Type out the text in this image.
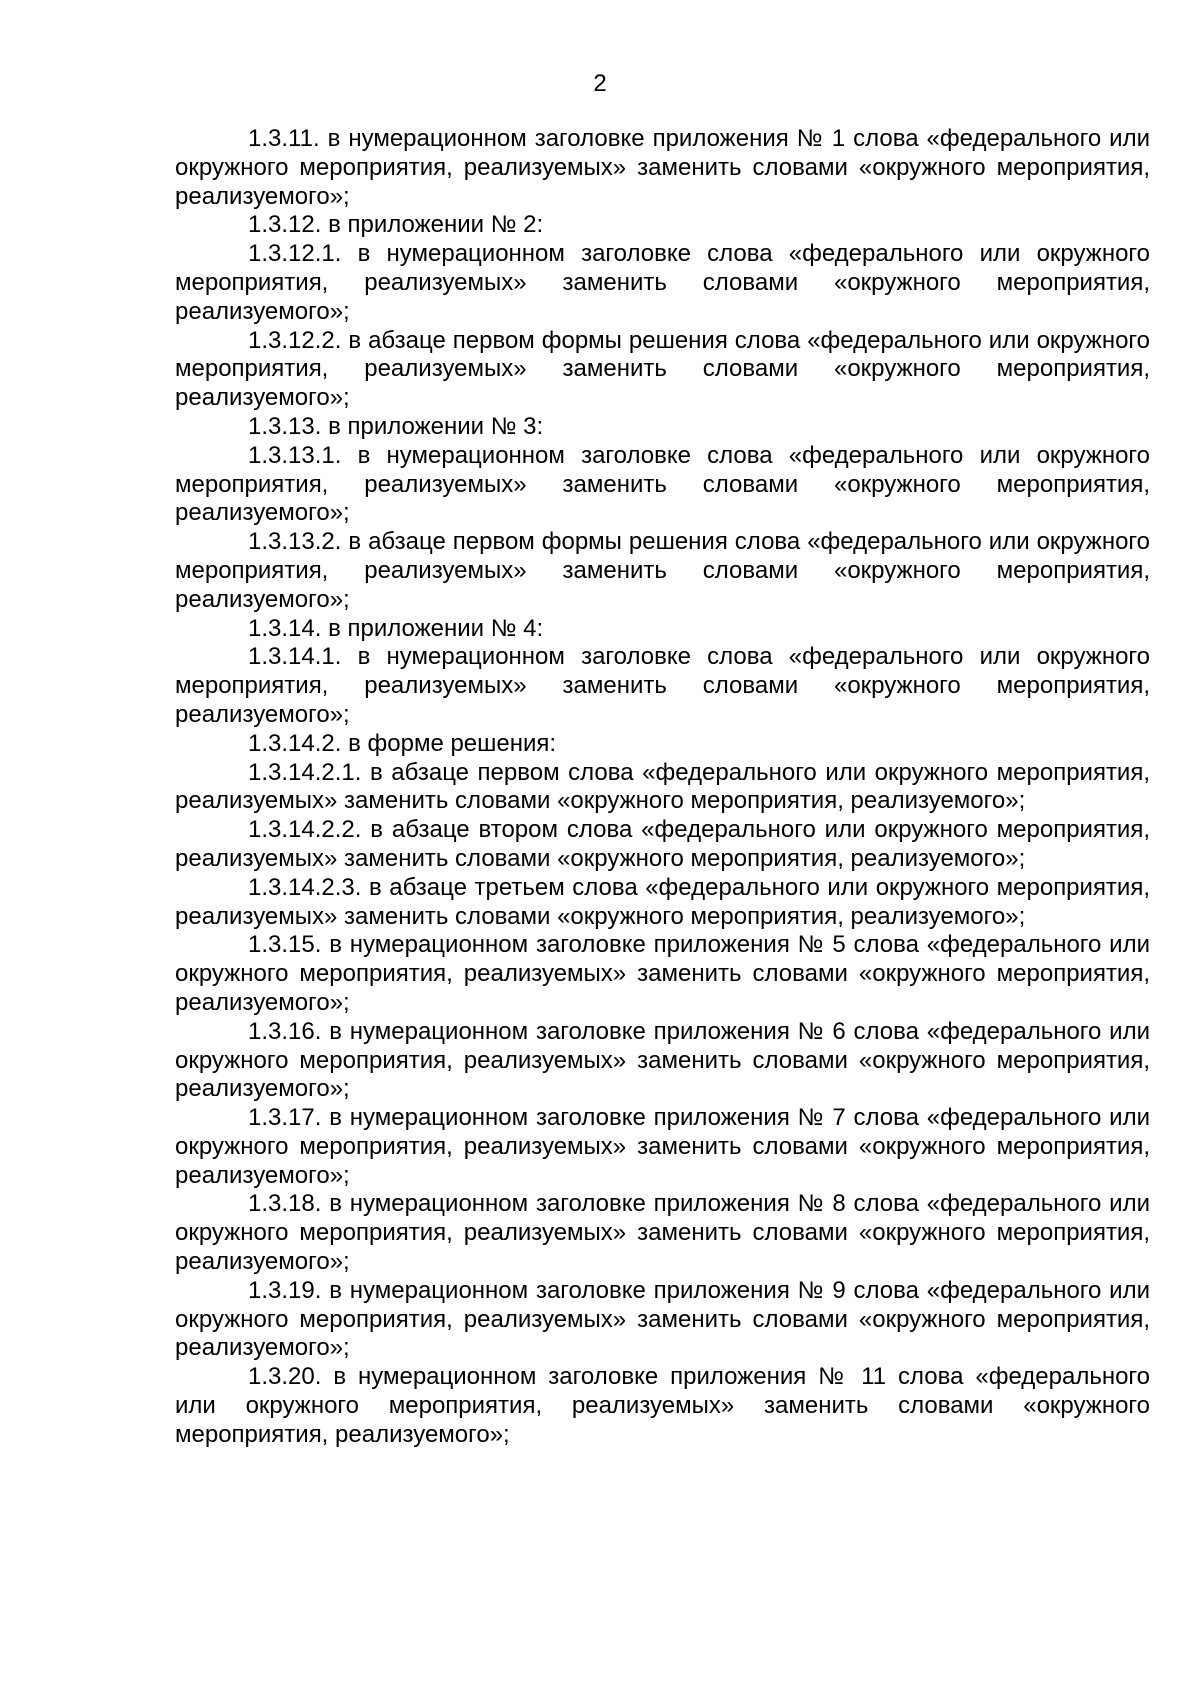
2

1.3.11. в нумерационном заголовке приложения № 1 слова «федерального или окружного мероприятия, реализуемых» заменить словами «окружного мероприятия, реализуемого»;

1.3.12. в приложении № 2:

1.3.12.1. в нумерационном заголовке слова «федерального или окружного мероприятия, реализуемых» заменить словами «окружного мероприятия, реализуемого»;

1.3.12.2. в абзаце первом формы решения слова «федерального или окружного мероприятия, реализуемых» заменить словами «окружного мероприятия, реализуемого»;

1.3.13. в приложении № 3:

1.3.13.1. в нумерационном заголовке слова «федерального или окружного мероприятия, реализуемых» заменить словами «окружного мероприятия, реализуемого»;

1.3.13.2. в абзаце первом формы решения слова «федерального или окружного мероприятия, реализуемых» заменить словами «окружного мероприятия, реализуемого»;

1.3.14. в приложении № 4:

1.3.14.1. в нумерационном заголовке слова «федерального или окружного мероприятия, реализуемых» заменить словами «окружного мероприятия, реализуемого»;

1.3.14.2. в форме решения:

1.3.14.2.1. в абзаце первом слова «федерального или окружного мероприятия, реализуемых» заменить словами «окружного мероприятия, реализуемого»;

1.3.14.2.2. в абзаце втором слова «федерального или окружного мероприятия, реализуемых» заменить словами «окружного мероприятия, реализуемого»;

1.3.14.2.3. в абзаце третьем слова «федерального или окружного мероприятия, реализуемых» заменить словами «окружного мероприятия, реализуемого»;

1.3.15. в нумерационном заголовке приложения № 5 слова «федерального или окружного мероприятия, реализуемых» заменить словами «окружного мероприятия, реализуемого»;

1.3.16. в нумерационном заголовке приложения № 6 слова «федерального или окружного мероприятия, реализуемых» заменить словами «окружного мероприятия, реализуемого»;

1.3.17. в нумерационном заголовке приложения № 7 слова «федерального или окружного мероприятия, реализуемых» заменить словами «окружного мероприятия, реализуемого»;

1.3.18. в нумерационном заголовке приложения № 8 слова «федерального или окружного мероприятия, реализуемых» заменить словами «окружного мероприятия, реализуемого»;

1.3.19. в нумерационном заголовке приложения № 9 слова «федерального или окружного мероприятия, реализуемых» заменить словами «окружного мероприятия, реализуемого»;

1.3.20. в нумерационном заголовке приложения № 11 слова «федерального или окружного мероприятия, реализуемых» заменить словами «окружного мероприятия, реализуемого»;
